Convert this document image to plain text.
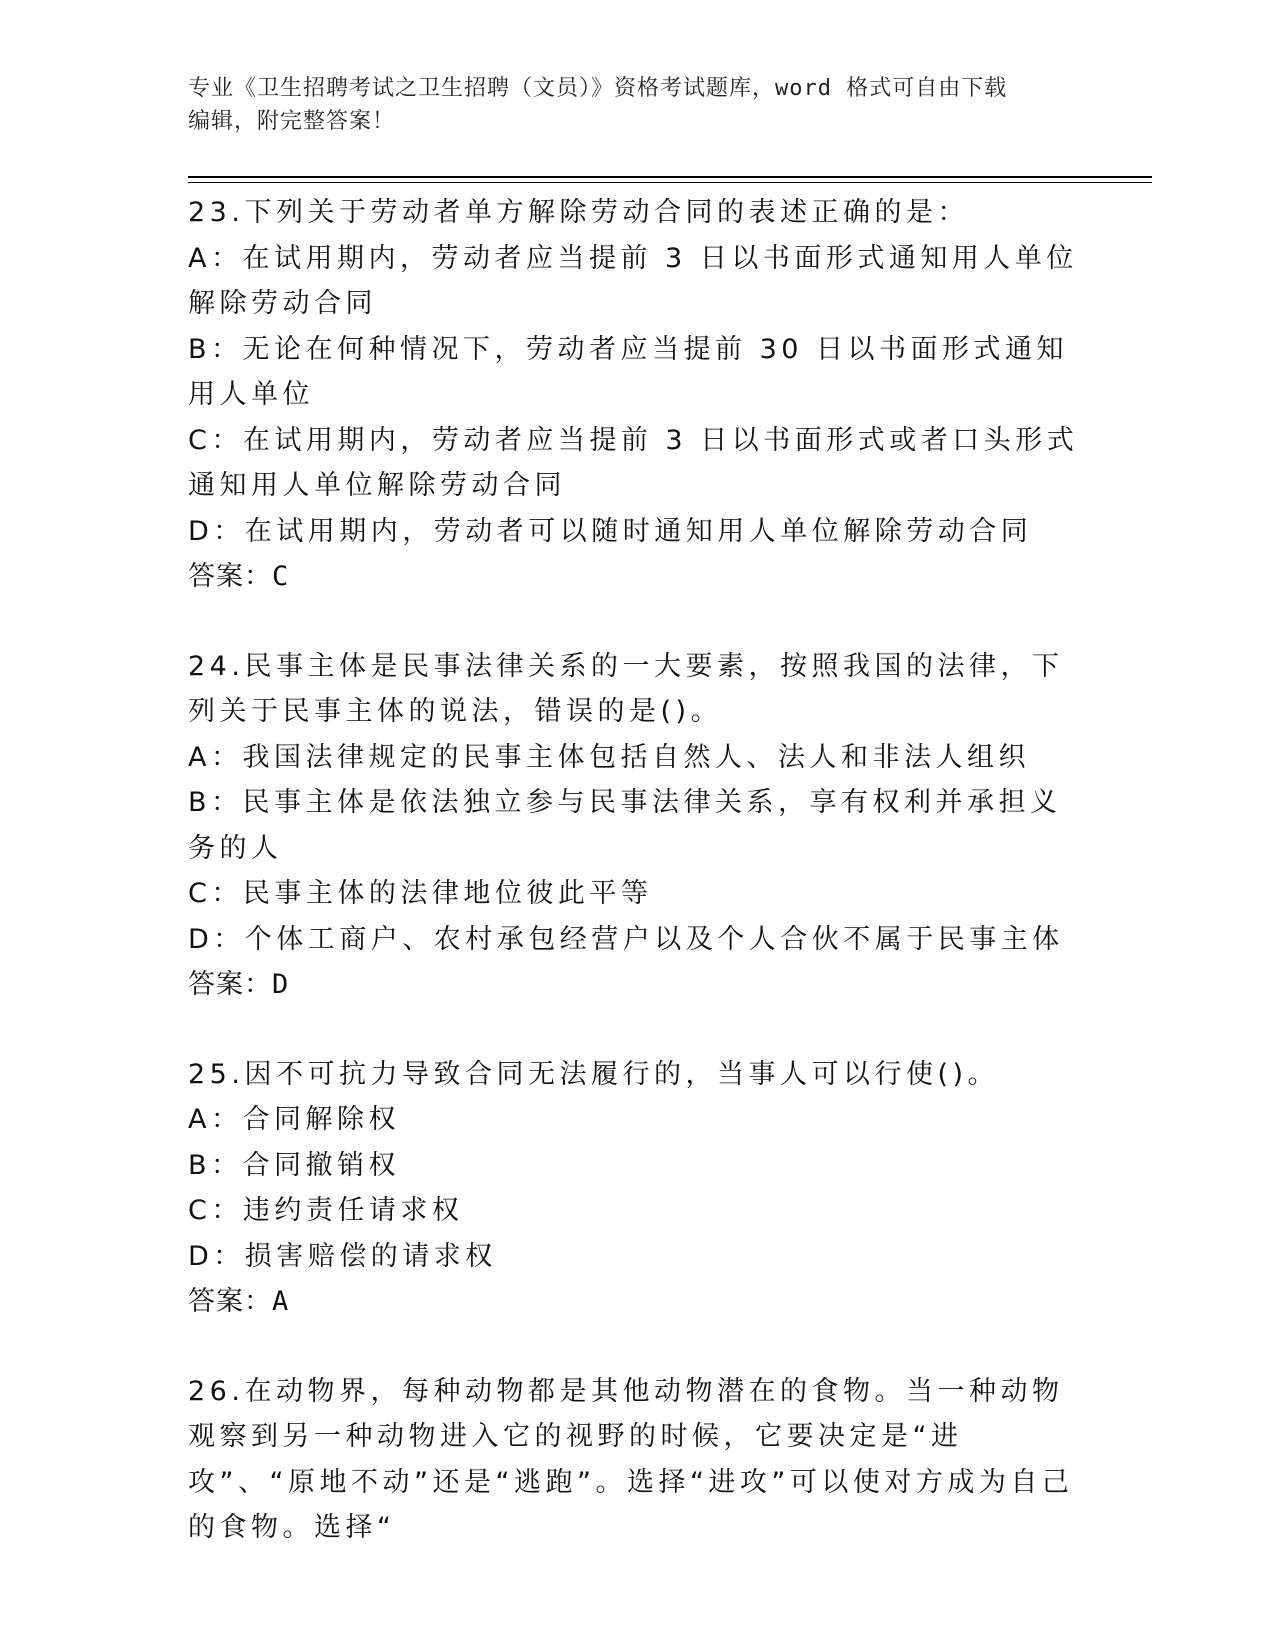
专业《卫生招聘考试之卫生招聘（文员）》资格考试题库，word 格式可自由下载
编辑，附完整答案！
23.下列关于劳动者单方解除劳动合同的表述正确的是：
A：在试用期内，劳动者应当提前 3 日以书面形式通知用人单位解除劳动合同
B：无论在何种情况下，劳动者应当提前 30 日以书面形式通知用人单位
C：在试用期内，劳动者应当提前 3 日以书面形式或者口头形式通知用人单位解除劳动合同
D：在试用期内，劳动者可以随时通知用人单位解除劳动合同
答案：C
24.民事主体是民事法律关系的一大要素，按照我国的法律，下列关于民事主体的说法，错误的是()。
A：我国法律规定的民事主体包括自然人、法人和非法人组织
B：民事主体是依法独立参与民事法律关系，享有权利并承担义务的人
C：民事主体的法律地位彼此平等
D：个体工商户、农村承包经营户以及个人合伙不属于民事主体
答案：D
25.因不可抗力导致合同无法履行的，当事人可以行使()。
A：合同解除权
B：合同撤销权
C：违约责任请求权
D：损害赔偿的请求权
答案：A
26.在动物界，每种动物都是其他动物潜在的食物。当一种动物观察到另一种动物进入它的视野的时候，它要决定是“进攻”、“原地不动”还是“逃跑”。选择“进攻”可以使对方成为自己的食物。选择“
